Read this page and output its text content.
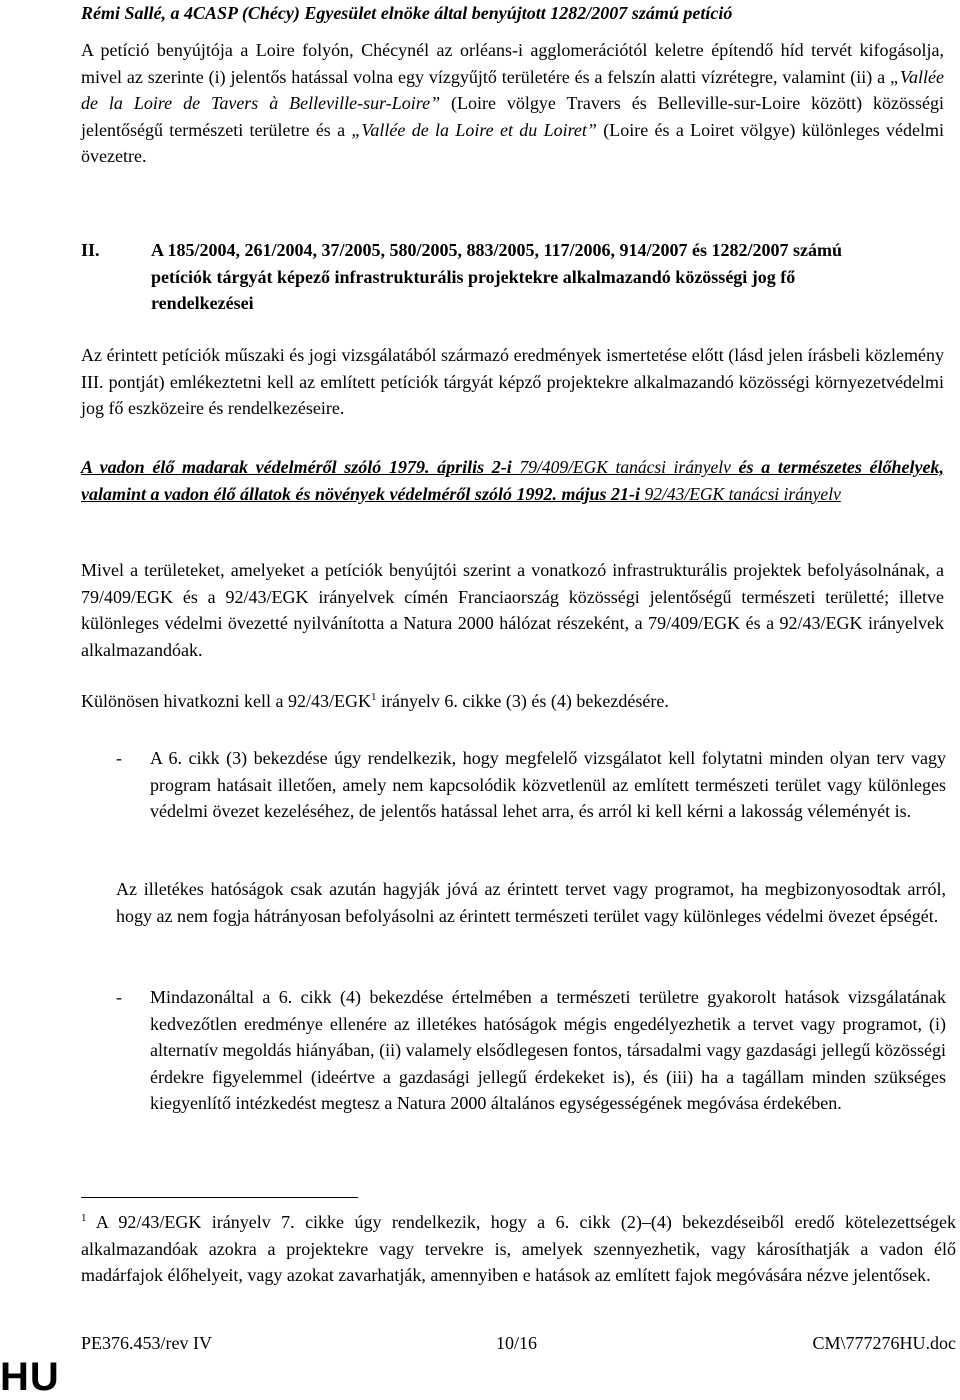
Rémi Sallé, a 4CASP (Chécy) Egyesület elnöke által benyújtott 1282/2007 számú petíció

A petíció benyújtója a Loire folyón, Chécynél az orléans-i agglomerációtól keletre építendő híd tervét kifogásolja, mivel az szerinte (i) jelentős hatással volna egy vízgyűjtő területére és a felszín alatti vízrétegre, valamint (ii) a „Vallée de la Loire de Tavers à Belleville-sur-Loire” (Loire völgye Travers és Belleville-sur-Loire között) közösségi jelentőségű természeti területre és a „Vallée de la Loire et du Loiret” (Loire és a Loiret völgye) különleges védelmi övezetre.

II.	A 185/2004, 261/2004, 37/2005, 580/2005, 883/2005, 117/2006, 914/2007 és 1282/2007 számú petíciók tárgyát képező infrastrukturális projektekre alkalmazandó közösségi jog fő rendelkezései

Az érintett petíciók műszaki és jogi vizsgálatából származó eredmények ismertetése előtt (lásd jelen írásbeli közlemény III. pontját) emlékeztetni kell az említett petíciók tárgyát képző projektekre alkalmazandó közösségi környezetvédelmi jog fő eszközeire és rendelkezéseire.

A vadon élő madarak védelméről szóló 1979. április 2-i 79/409/EGK tanácsi irányelv és a természetes élőhelyek, valamint a vadon élő állatok és növények védelméről szóló 1992. május 21-i 92/43/EGK tanácsi irányelv

Mivel a területeket, amelyeket a petíciók benyújtói szerint a vonatkozó infrastrukturális projektek befolyásolnának, a 79/409/EGK és a 92/43/EGK irányelvek címén Franciaország közösségi jelentőségű természeti területté; illetve különleges védelmi övezetté nyilvánította a Natura 2000 hálózat részeként, a 79/409/EGK és a 92/43/EGK irányelvek alkalmazandóak.

Különösen hivatkozni kell a 92/43/EGK$^1$ irányelv 6. cikke (3) és (4) bekezdésére.

- A 6. cikk (3) bekezdése úgy rendelkezik, hogy megfelelő vizsgálatot kell folytatni minden olyan terv vagy program hatásait illetően, amely nem kapcsolódik közvetlenül az említett természeti terület vagy különleges védelmi övezet kezeléséhez, de jelentős hatással lehet arra, és arról ki kell kérni a lakosság véleményét is.

Az illetékes hatóságok csak azután hagyják jóvá az érintett tervet vagy programot, ha megbizonyosodtak arról, hogy az nem fogja hátrányosan befolyásolni az érintett természeti terület vagy különleges védelmi övezet épségét.

- Mindazonáltal a 6. cikk (4) bekezdése értelmében a természeti területre gyakorolt hatások vizsgálatának kedvezőtlen eredménye ellenére az illetékes hatóságok mégis engedélyezhetik a tervet vagy programot, (i) alternatív megoldás hiányában, (ii) valamely elsődlegesen fontos, társadalmi vagy gazdasági jellegű közösségi érdekre figyelemmel (ideértve a gazdasági jellegű érdekeket is), és (iii) ha a tagállam minden szükséges kiegyenlítő intézkedést megtesz a Natura 2000 általános egységességének megóvása érdekében.

$^1$ A 92/43/EGK irányelv 7. cikke úgy rendelkezik, hogy a 6. cikk (2)–(4) bekezdéseiből eredő kötelezettségek alkalmazandóak azokra a projektekre vagy tervekre is, amelyek szennyezhetik, vagy károsíthatják a vadon élő madárfajok élőhelyeit, vagy azokat zavarhatják, amennyiben e hatások az említett fajok megóvására nézve jelentősek.

PE376.453/rev IV	10/16	CM\777276HU.doc
HU
